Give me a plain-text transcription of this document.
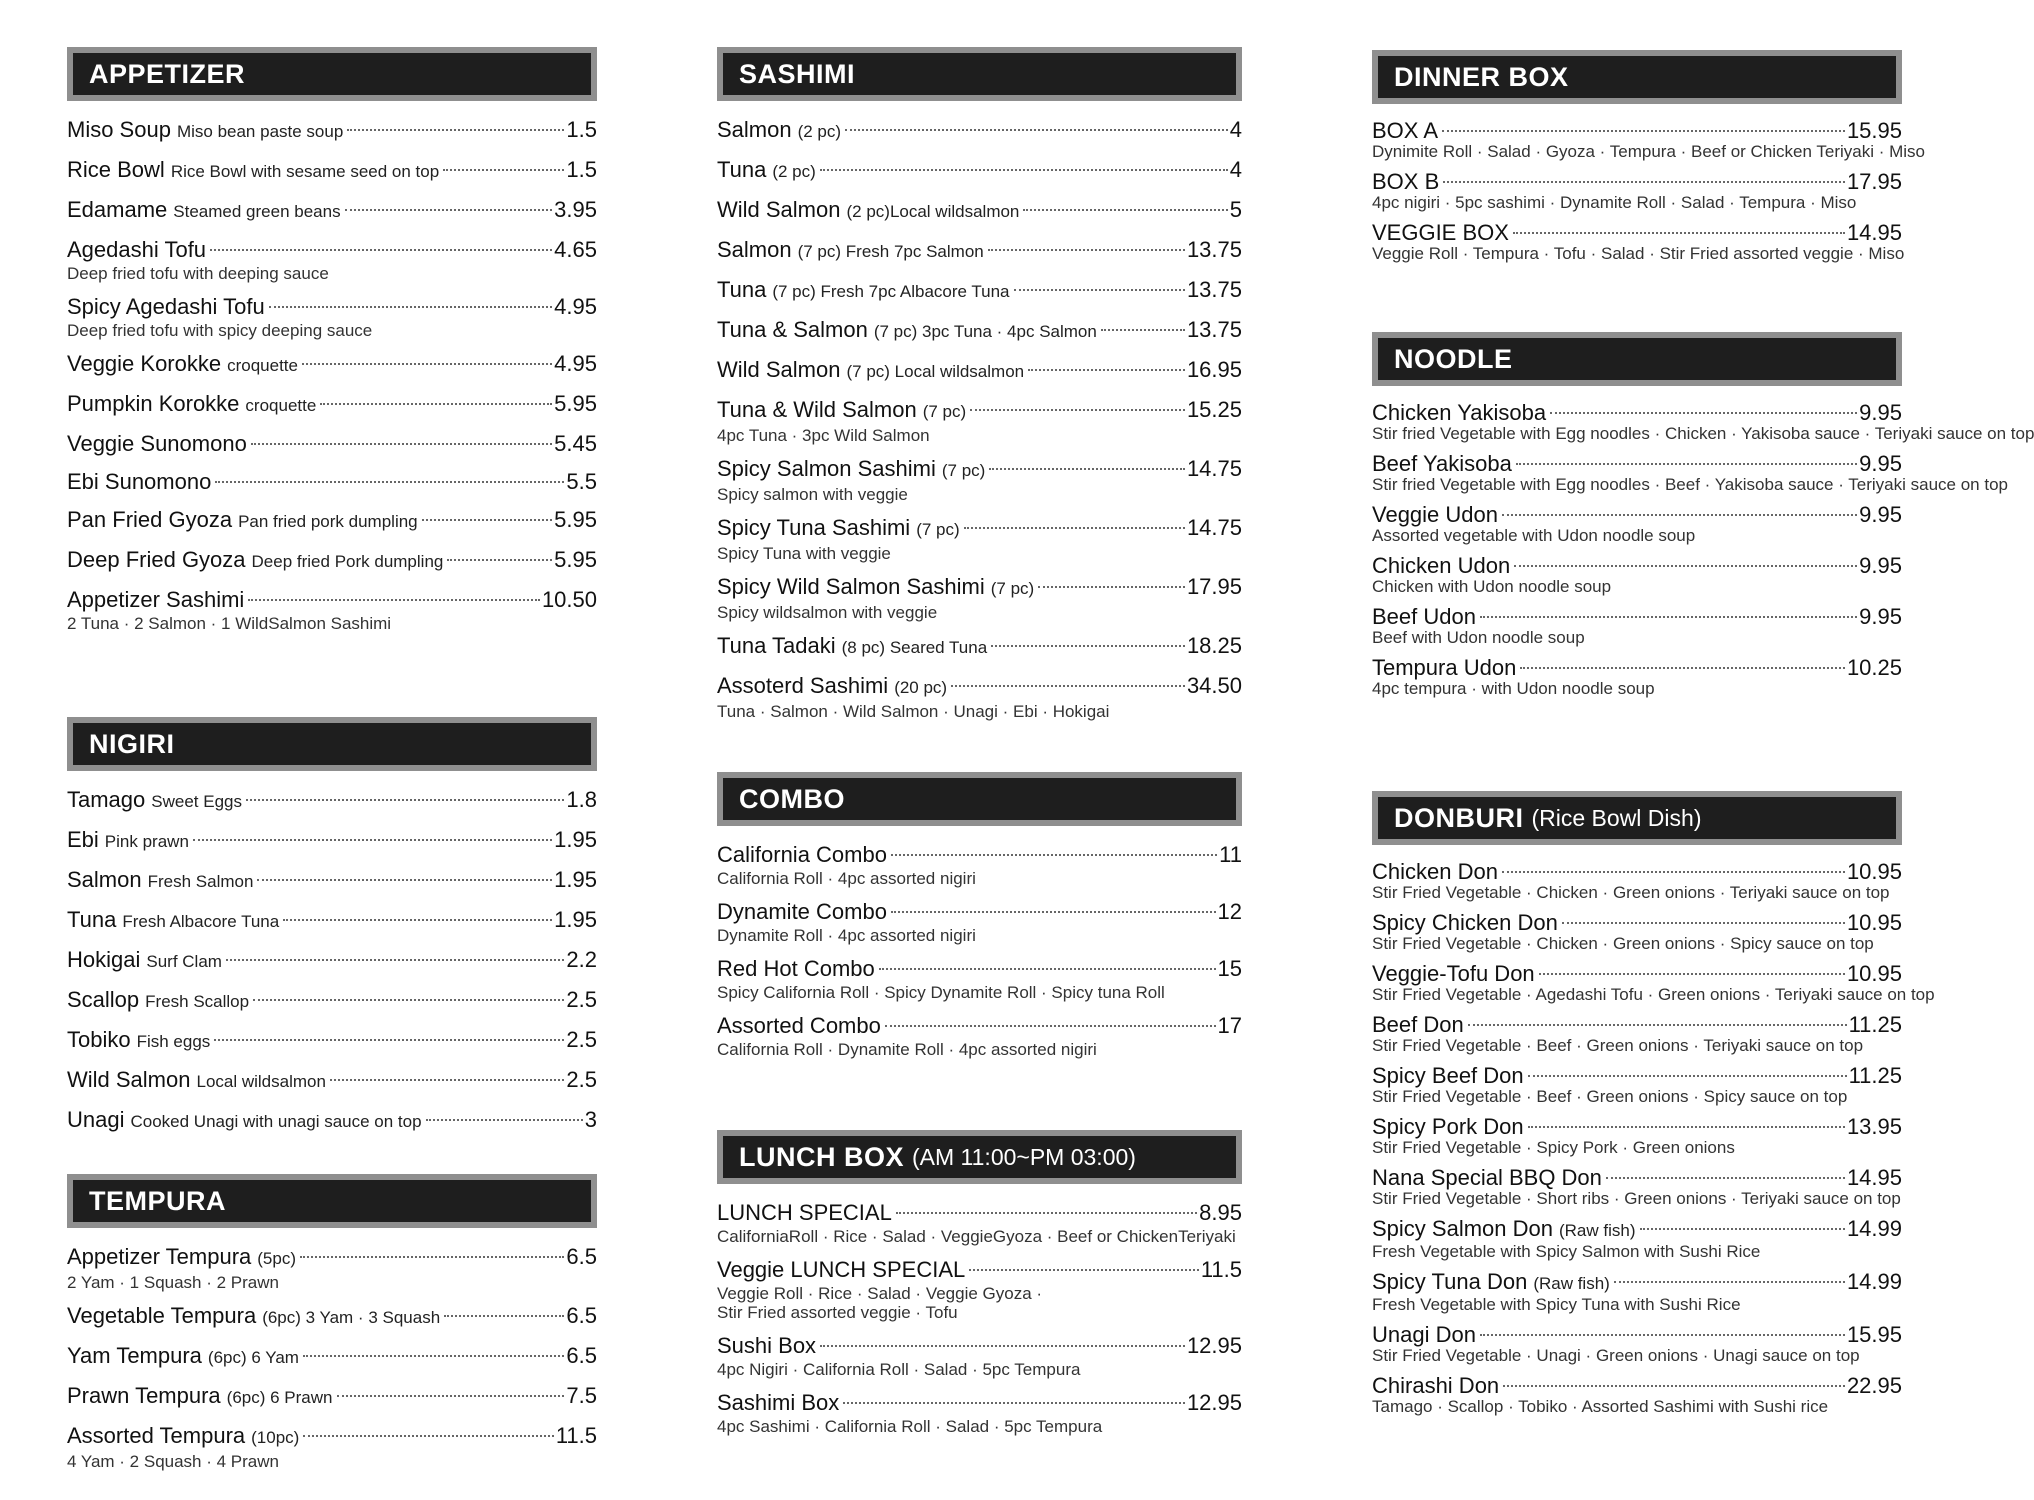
APPETIZER
Miso Soup Miso bean paste soup	1.5
Rice Bowl Rice Bowl with sesame seed on top	1.5
Edamame Steamed green beans	3.95
Agedashi Tofu	4.65
Deep fried tofu with deeping sauce
Spicy Agedashi Tofu	4.95
Deep fried tofu with spicy deeping sauce
Veggie Korokke croquette	4.95
Pumpkin Korokke croquette	5.95
Veggie Sunomono	5.45
Ebi Sunomono	5.5
Pan Fried Gyoza Pan fried pork dumpling	5.95
Deep Fried Gyoza Deep fried Pork dumpling	5.95
Appetizer Sashimi	10.50
2 Tuna · 2 Salmon · 1 WildSalmon Sashimi
NIGIRI
Tamago Sweet Eggs	1.8
Ebi Pink prawn	1.95
Salmon Fresh Salmon	1.95
Tuna Fresh Albacore Tuna	1.95
Hokigai Surf Clam	2.2
Scallop Fresh Scallop	2.5
Tobiko Fish eggs	2.5
Wild Salmon Local wildsalmon	2.5
Unagi Cooked Unagi with unagi sauce on top	3
TEMPURA
Appetizer Tempura (5pc)	6.5
2 Yam · 1 Squash · 2 Prawn
Vegetable Tempura (6pc) 3 Yam · 3 Squash	6.5
Yam Tempura (6pc) 6 Yam	6.5
Prawn Tempura (6pc) 6 Prawn	7.5
Assorted Tempura (10pc)	11.5
4 Yam · 2 Squash · 4 Prawn
SASHIMI
Salmon (2 pc)	4
Tuna (2 pc)	4
Wild Salmon (2 pc)Local wildsalmon	5
Salmon (7 pc) Fresh 7pc Salmon	13.75
Tuna (7 pc) Fresh 7pc Albacore Tuna	13.75
Tuna & Salmon (7 pc) 3pc Tuna · 4pc Salmon	13.75
Wild Salmon (7 pc) Local wildsalmon	16.95
Tuna & Wild Salmon (7 pc)	15.25
4pc Tuna · 3pc Wild Salmon
Spicy Salmon Sashimi (7 pc)	14.75
Spicy salmon with veggie
Spicy Tuna Sashimi (7 pc)	14.75
Spicy Tuna with veggie
Spicy Wild Salmon Sashimi (7 pc)	17.95
Spicy wildsalmon with veggie
Tuna Tadaki (8 pc) Seared Tuna	18.25
Assoterd Sashimi (20 pc)	34.50
Tuna · Salmon · Wild Salmon · Unagi · Ebi · Hokigai
COMBO
California Combo	11
California Roll · 4pc assorted nigiri
Dynamite Combo	12
Dynamite Roll · 4pc assorted nigiri
Red Hot Combo	15
Spicy California Roll · Spicy Dynamite Roll · Spicy tuna Roll
Assorted Combo	17
California Roll · Dynamite Roll · 4pc assorted nigiri
LUNCH BOX (AM 11:00~PM 03:00)
LUNCH SPECIAL	8.95
CaliforniaRoll · Rice · Salad · VeggieGyoza · Beef or ChickenTeriyaki
Veggie LUNCH SPECIAL	11.5
Veggie Roll · Rice · Salad · Veggie Gyoza ·
Stir Fried assorted veggie · Tofu
Sushi Box	12.95
4pc Nigiri · California Roll · Salad · 5pc Tempura
Sashimi Box	12.95
4pc Sashimi · California Roll · Salad · 5pc Tempura
DINNER BOX
BOX A	15.95
Dynimite Roll · Salad · Gyoza · Tempura · Beef or Chicken Teriyaki · Miso
BOX B	17.95
4pc nigiri · 5pc sashimi · Dynamite Roll · Salad · Tempura · Miso
VEGGIE BOX	14.95
Veggie Roll · Tempura · Tofu · Salad · Stir Fried assorted veggie · Miso
NOODLE
Chicken Yakisoba	9.95
Stir fried Vegetable with Egg noodles · Chicken · Yakisoba sauce · Teriyaki sauce on top
Beef Yakisoba	9.95
Stir fried Vegetable with Egg noodles · Beef · Yakisoba sauce · Teriyaki sauce on top
Veggie Udon	9.95
Assorted vegetable with Udon noodle soup
Chicken Udon	9.95
Chicken with Udon noodle soup
Beef Udon	9.95
Beef with Udon noodle soup
Tempura Udon	10.25
4pc tempura · with Udon noodle soup
DONBURI (Rice Bowl Dish)
Chicken Don	10.95
Stir Fried Vegetable · Chicken · Green onions · Teriyaki sauce on top
Spicy Chicken Don	10.95
Stir Fried Vegetable · Chicken · Green onions · Spicy sauce on top
Veggie-Tofu Don	10.95
Stir Fried Vegetable · Agedashi Tofu · Green onions · Teriyaki sauce on top
Beef Don	11.25
Stir Fried Vegetable · Beef · Green onions · Teriyaki sauce on top
Spicy Beef Don	11.25
Stir Fried Vegetable · Beef · Green onions · Spicy sauce on top
Spicy Pork Don	13.95
Stir Fried Vegetable · Spicy Pork · Green onions
Nana Special BBQ Don	14.95
Stir Fried Vegetable · Short ribs · Green onions · Teriyaki sauce on top
Spicy Salmon Don (Raw fish)	14.99
Fresh Vegetable with Spicy Salmon with Sushi Rice
Spicy Tuna Don (Raw fish)	14.99
Fresh Vegetable with Spicy Tuna with Sushi Rice
Unagi Don	15.95
Stir Fried Vegetable · Unagi · Green onions · Unagi sauce on top
Chirashi Don	22.95
Tamago · Scallop · Tobiko · Assorted Sashimi with Sushi rice
